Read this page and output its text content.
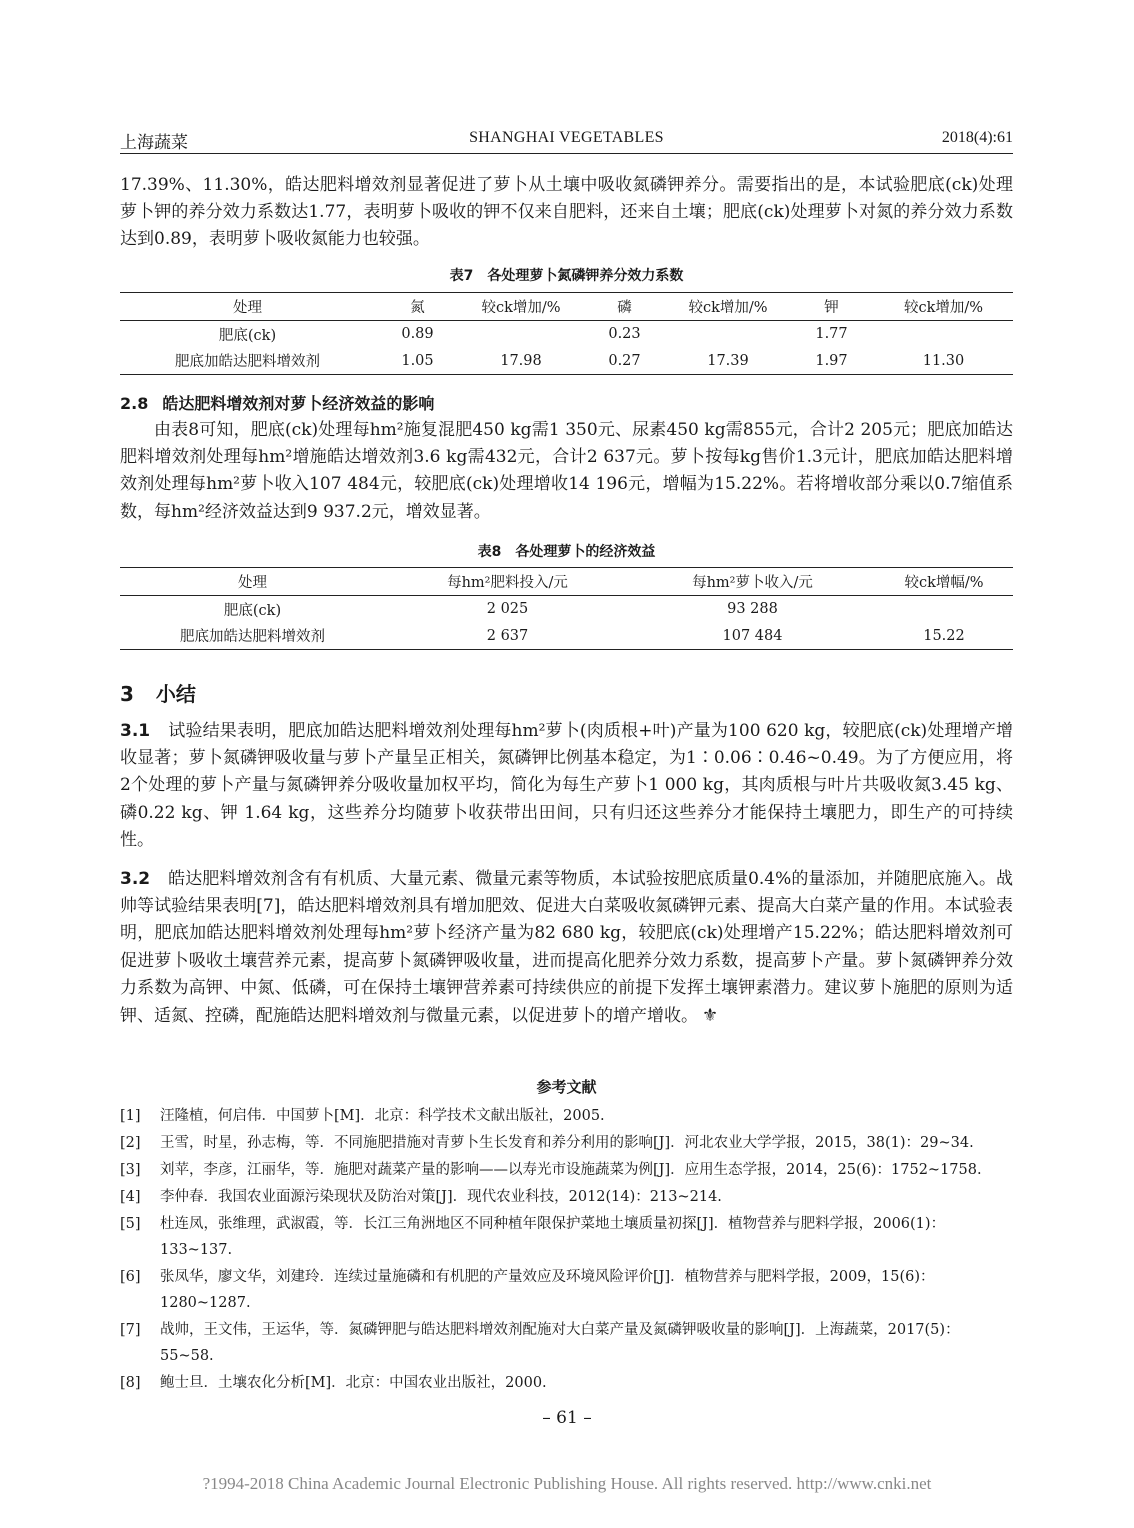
上海蔬菜	SHANGHAI VEGETABLES	2018(4):61
17.39%、11.30%，皓达肥料增效剂显著促进了萝卜从土壤中吸收氮磷钾养分。需要指出的是，本试验肥底(ck)处理萝卜钾的养分效力系数达1.77，表明萝卜吸收的钾不仅来自肥料，还来自土壤；肥底(ck)处理萝卜对氮的养分效力系数达到0.89，表明萝卜吸收氮能力也较强。
表7 各处理萝卜氮磷钾养分效力系数
处理	氮	较ck增加/%	磷	较ck增加/%	钾	较ck增加/%
肥底(ck)	0.89		0.23		1.77	
肥底加皓达肥料增效剂	1.05	17.98	0.27	17.39	1.97	11.30
2.8 皓达肥料增效剂对萝卜经济效益的影响
由表8可知，肥底(ck)处理每hm²施复混肥450 kg需1 350元、尿素450 kg需855元，合计2 205元；肥底加皓达肥料增效剂处理每hm²增施皓达增效剂3.6 kg需432元，合计2 637元。萝卜按每kg售价1.3元计，肥底加皓达肥料增效剂处理每hm²萝卜收入107 484元，较肥底(ck)处理增收14 196元，增幅为15.22%。若将增收部分乘以0.7缩值系数，每hm²经济效益达到9 937.2元，增效显著。
表8 各处理萝卜的经济效益
处理	每hm²肥料投入/元	每hm²萝卜收入/元	较ck增幅/%
肥底(ck)	2 025	93 288	
肥底加皓达肥料增效剂	2 637	107 484	15.22
3 小结
3.1 试验结果表明，肥底加皓达肥料增效剂处理每hm²萝卜(肉质根+叶)产量为100 620 kg，较肥底(ck)处理增产增收显著；萝卜氮磷钾吸收量与萝卜产量呈正相关，氮磷钾比例基本稳定，为1∶0.06∶0.46~0.49。为了方便应用，将2个处理的萝卜产量与氮磷钾养分吸收量加权平均，简化为每生产萝卜1 000 kg，其肉质根与叶片共吸收氮3.45 kg、磷0.22 kg、钾 1.64 kg，这些养分均随萝卜收获带出田间，只有归还这些养分才能保持土壤肥力，即生产的可持续性。
3.2 皓达肥料增效剂含有有机质、大量元素、微量元素等物质，本试验按肥底质量0.4%的量添加，并随肥底施入。战帅等试验结果表明[7]，皓达肥料增效剂具有增加肥效、促进大白菜吸收氮磷钾元素、提高大白菜产量的作用。本试验表明，肥底加皓达肥料增效剂处理每hm²萝卜经济产量为82 680 kg，较肥底(ck)处理增产15.22%；皓达肥料增效剂可促进萝卜吸收土壤营养元素，提高萝卜氮磷钾吸收量，进而提高化肥养分效力系数，提高萝卜产量。萝卜氮磷钾养分效力系数为高钾、中氮、低磷，可在保持土壤钾营养素可持续供应的前提下发挥土壤钾素潜力。建议萝卜施肥的原则为适钾、适氮、控磷，配施皓达肥料增效剂与微量元素，以促进萝卜的增产增收。 ⚜
参考文献
[1] 汪隆植，何启伟．中国萝卜[M]．北京：科学技术文献出版社，2005.
[2] 王雪，时星，孙志梅，等．不同施肥措施对青萝卜生长发育和养分利用的影响[J]．河北农业大学学报，2015，38(1)：29~34.
[3] 刘苹，李彦，江丽华，等．施肥对蔬菜产量的影响——以寿光市设施蔬菜为例[J]．应用生态学报，2014，25(6)：1752~1758.
[4] 李仲春．我国农业面源污染现状及防治对策[J]．现代农业科技，2012(14)：213~214.
[5] 杜连凤，张维理，武淑霞，等．长江三角洲地区不同种植年限保护菜地土壤质量初探[J]．植物营养与肥料学报，2006(1)：133~137.
[6] 张凤华，廖文华，刘建玲．连续过量施磷和有机肥的产量效应及环境风险评价[J]．植物营养与肥料学报，2009，15(6)：1280~1287.
[7] 战帅，王文伟，王运华，等．氮磷钾肥与皓达肥料增效剂配施对大白菜产量及氮磷钾吸收量的影响[J]．上海蔬菜，2017(5)：55~58.
[8] 鲍士旦．土壤农化分析[M]．北京：中国农业出版社，2000.
– 61 –
?1994-2018 China Academic Journal Electronic Publishing House. All rights reserved. http://www.cnki.net
